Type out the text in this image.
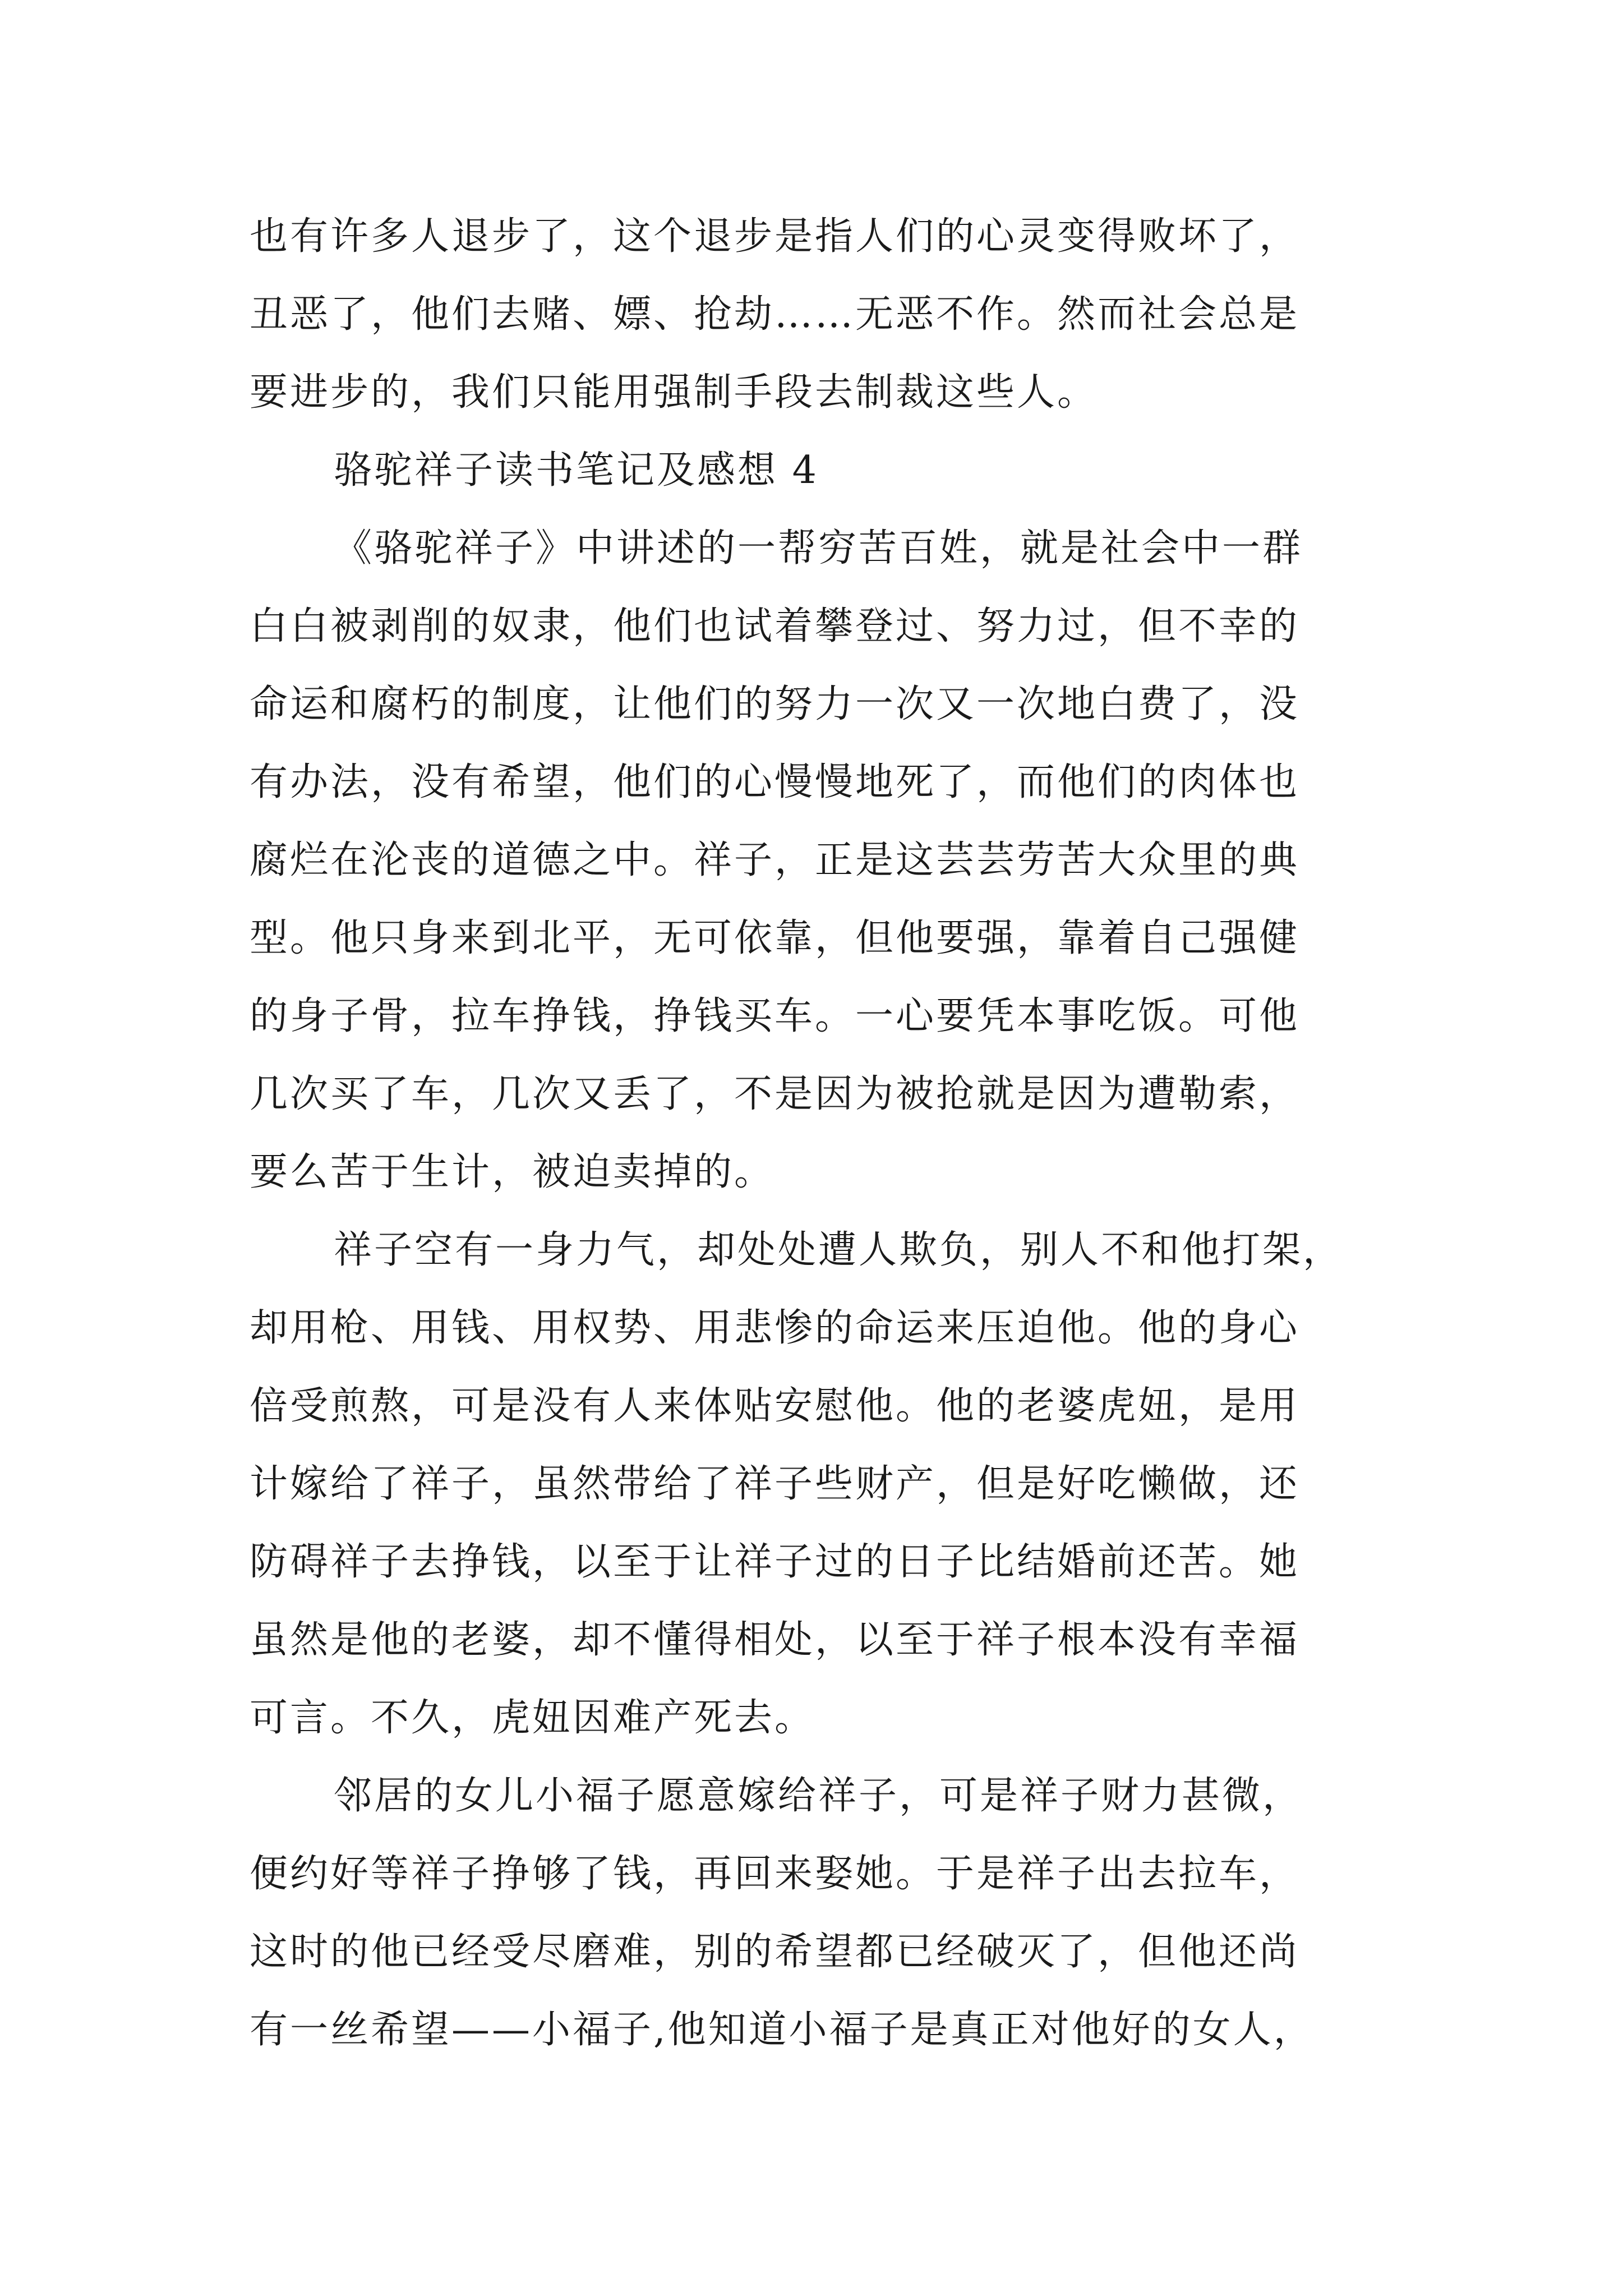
也有许多人退步了，这个退步是指人们的心灵变得败坏了，

丑恶了，他们去赌、嫖、抢劫……无恶不作。然而社会总是

要进步的，我们只能用强制手段去制裁这些人。

骆驼祥子读书笔记及感想 4

《骆驼祥子》中讲述的一帮穷苦百姓，就是社会中一群

白白被剥削的奴隶，他们也试着攀登过、努力过，但不幸的

命运和腐朽的制度，让他们的努力一次又一次地白费了，没

有办法，没有希望，他们的心慢慢地死了，而他们的肉体也

腐烂在沦丧的道德之中。祥子，正是这芸芸劳苦大众里的典

型。他只身来到北平，无可依靠，但他要强，靠着自己强健

的身子骨，拉车挣钱，挣钱买车。一心要凭本事吃饭。可他

几次买了车，几次又丢了，不是因为被抢就是因为遭勒索，

要么苦于生计，被迫卖掉的。

祥子空有一身力气，却处处遭人欺负，别人不和他打架，

却用枪、用钱、用权势、用悲惨的命运来压迫他。他的身心

倍受煎熬，可是没有人来体贴安慰他。他的老婆虎妞，是用

计嫁给了祥子，虽然带给了祥子些财产，但是好吃懒做，还

防碍祥子去挣钱，以至于让祥子过的日子比结婚前还苦。她

虽然是他的老婆，却不懂得相处，以至于祥子根本没有幸福

可言。不久，虎妞因难产死去。

邻居的女儿小福子愿意嫁给祥子，可是祥子财力甚微，

便约好等祥子挣够了钱，再回来娶她。于是祥子出去拉车，

这时的他已经受尽磨难，别的希望都已经破灭了，但他还尚

有一丝希望——小福子,他知道小福子是真正对他好的女人，
